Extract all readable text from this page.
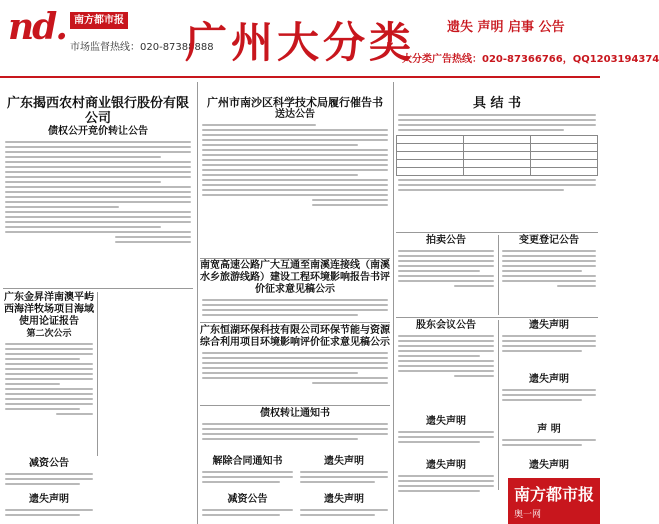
nd. 南方都市报
市场监督热线：020-87388888
广州大分类 遗失 声明 启事 公告
大分类广告热线：020-87366766，QQ1203194374
广东揭西农村商业银行股份有限公司
债权公开竞价转让公告
广东金昇洋南澳平屿西海洋牧场项目海域使用论证报告
第二次公示
减资公告
遗失声明
广州市南沙区科学技术局履行催告书
送达公告
南宽高速公路广大互通至南溪连接线（南溪水乡旅游线路）建设工程环境影响报告书评价征求意见稿公示
广东恒湖环保科技有限公司环保节能与资源综合利用项目环境影响评价征求意见稿公示
债权转让通知书
解除合同通知书	遗失声明
减资公告	遗失声明
具 结 书

拍卖公告	变更登记公告
遗失声明
股东会议公告
遗失声明
遗失声明
声 明
遗失声明	遗失声明
南方都市报
奥一网
